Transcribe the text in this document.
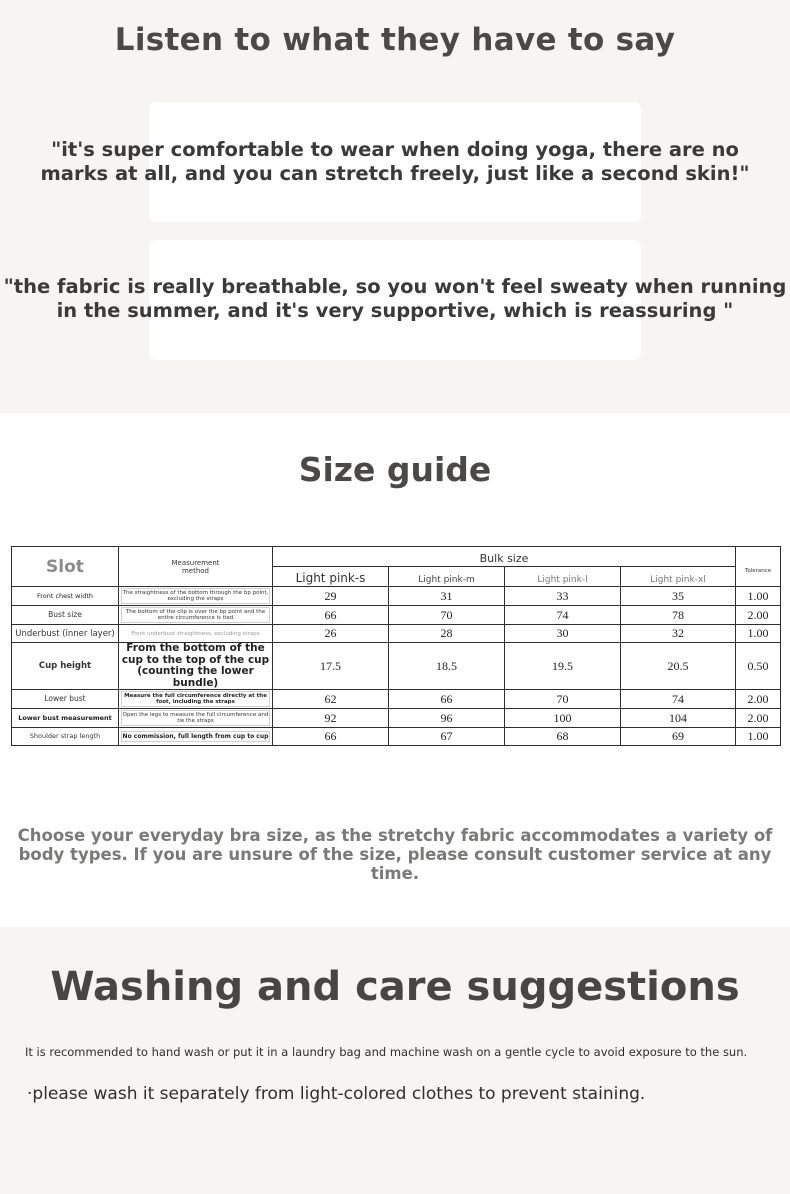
Listen to what they have to say
"it's super comfortable to wear when doing yoga, there are no
marks at all, and you can stretch freely, just like a second skin!"
"the fabric is really breathable, so you won't feel sweaty when running
in the summer, and it's very supportive, which is reassuring "
Size guide
Slot	Measurement method	Bulk size				Tolerance
		Light pink-s	Light pink-m	Light pink-l	Light pink-xl	
Front chest width	The straightness of the bottom through the bp point, excluding the straps	29	31	33	35	1.00
Bust size	The bottom of the clip is over the bp point and the entire circumference is tied	66	70	74	78	2.00
Underbust (inner layer)	Front underbust straightness, excluding straps	26	28	30	32	1.00
Cup height	From the bottom of the cup to the top of the cup (counting the lower bundle)	17.5	18.5	19.5	20.5	0.50
Lower bust	Measure the full circumference directly at the foot, including the straps	62	66	70	74	2.00
Lower bust measurement	Open the legs to measure the full circumference and tie the straps	92	96	100	104	2.00
Shoulder strap length	No commission, full length from cup to cup	66	67	68	69	1.00
Choose your everyday bra size, as the stretchy fabric accommodates a variety of
body types. If you are unsure of the size, please consult customer service at any time.
Washing and care suggestions
It is recommended to hand wash or put it in a laundry bag and machine wash on a gentle cycle to avoid exposure to the sun.
·please wash it separately from light-colored clothes to prevent staining.
